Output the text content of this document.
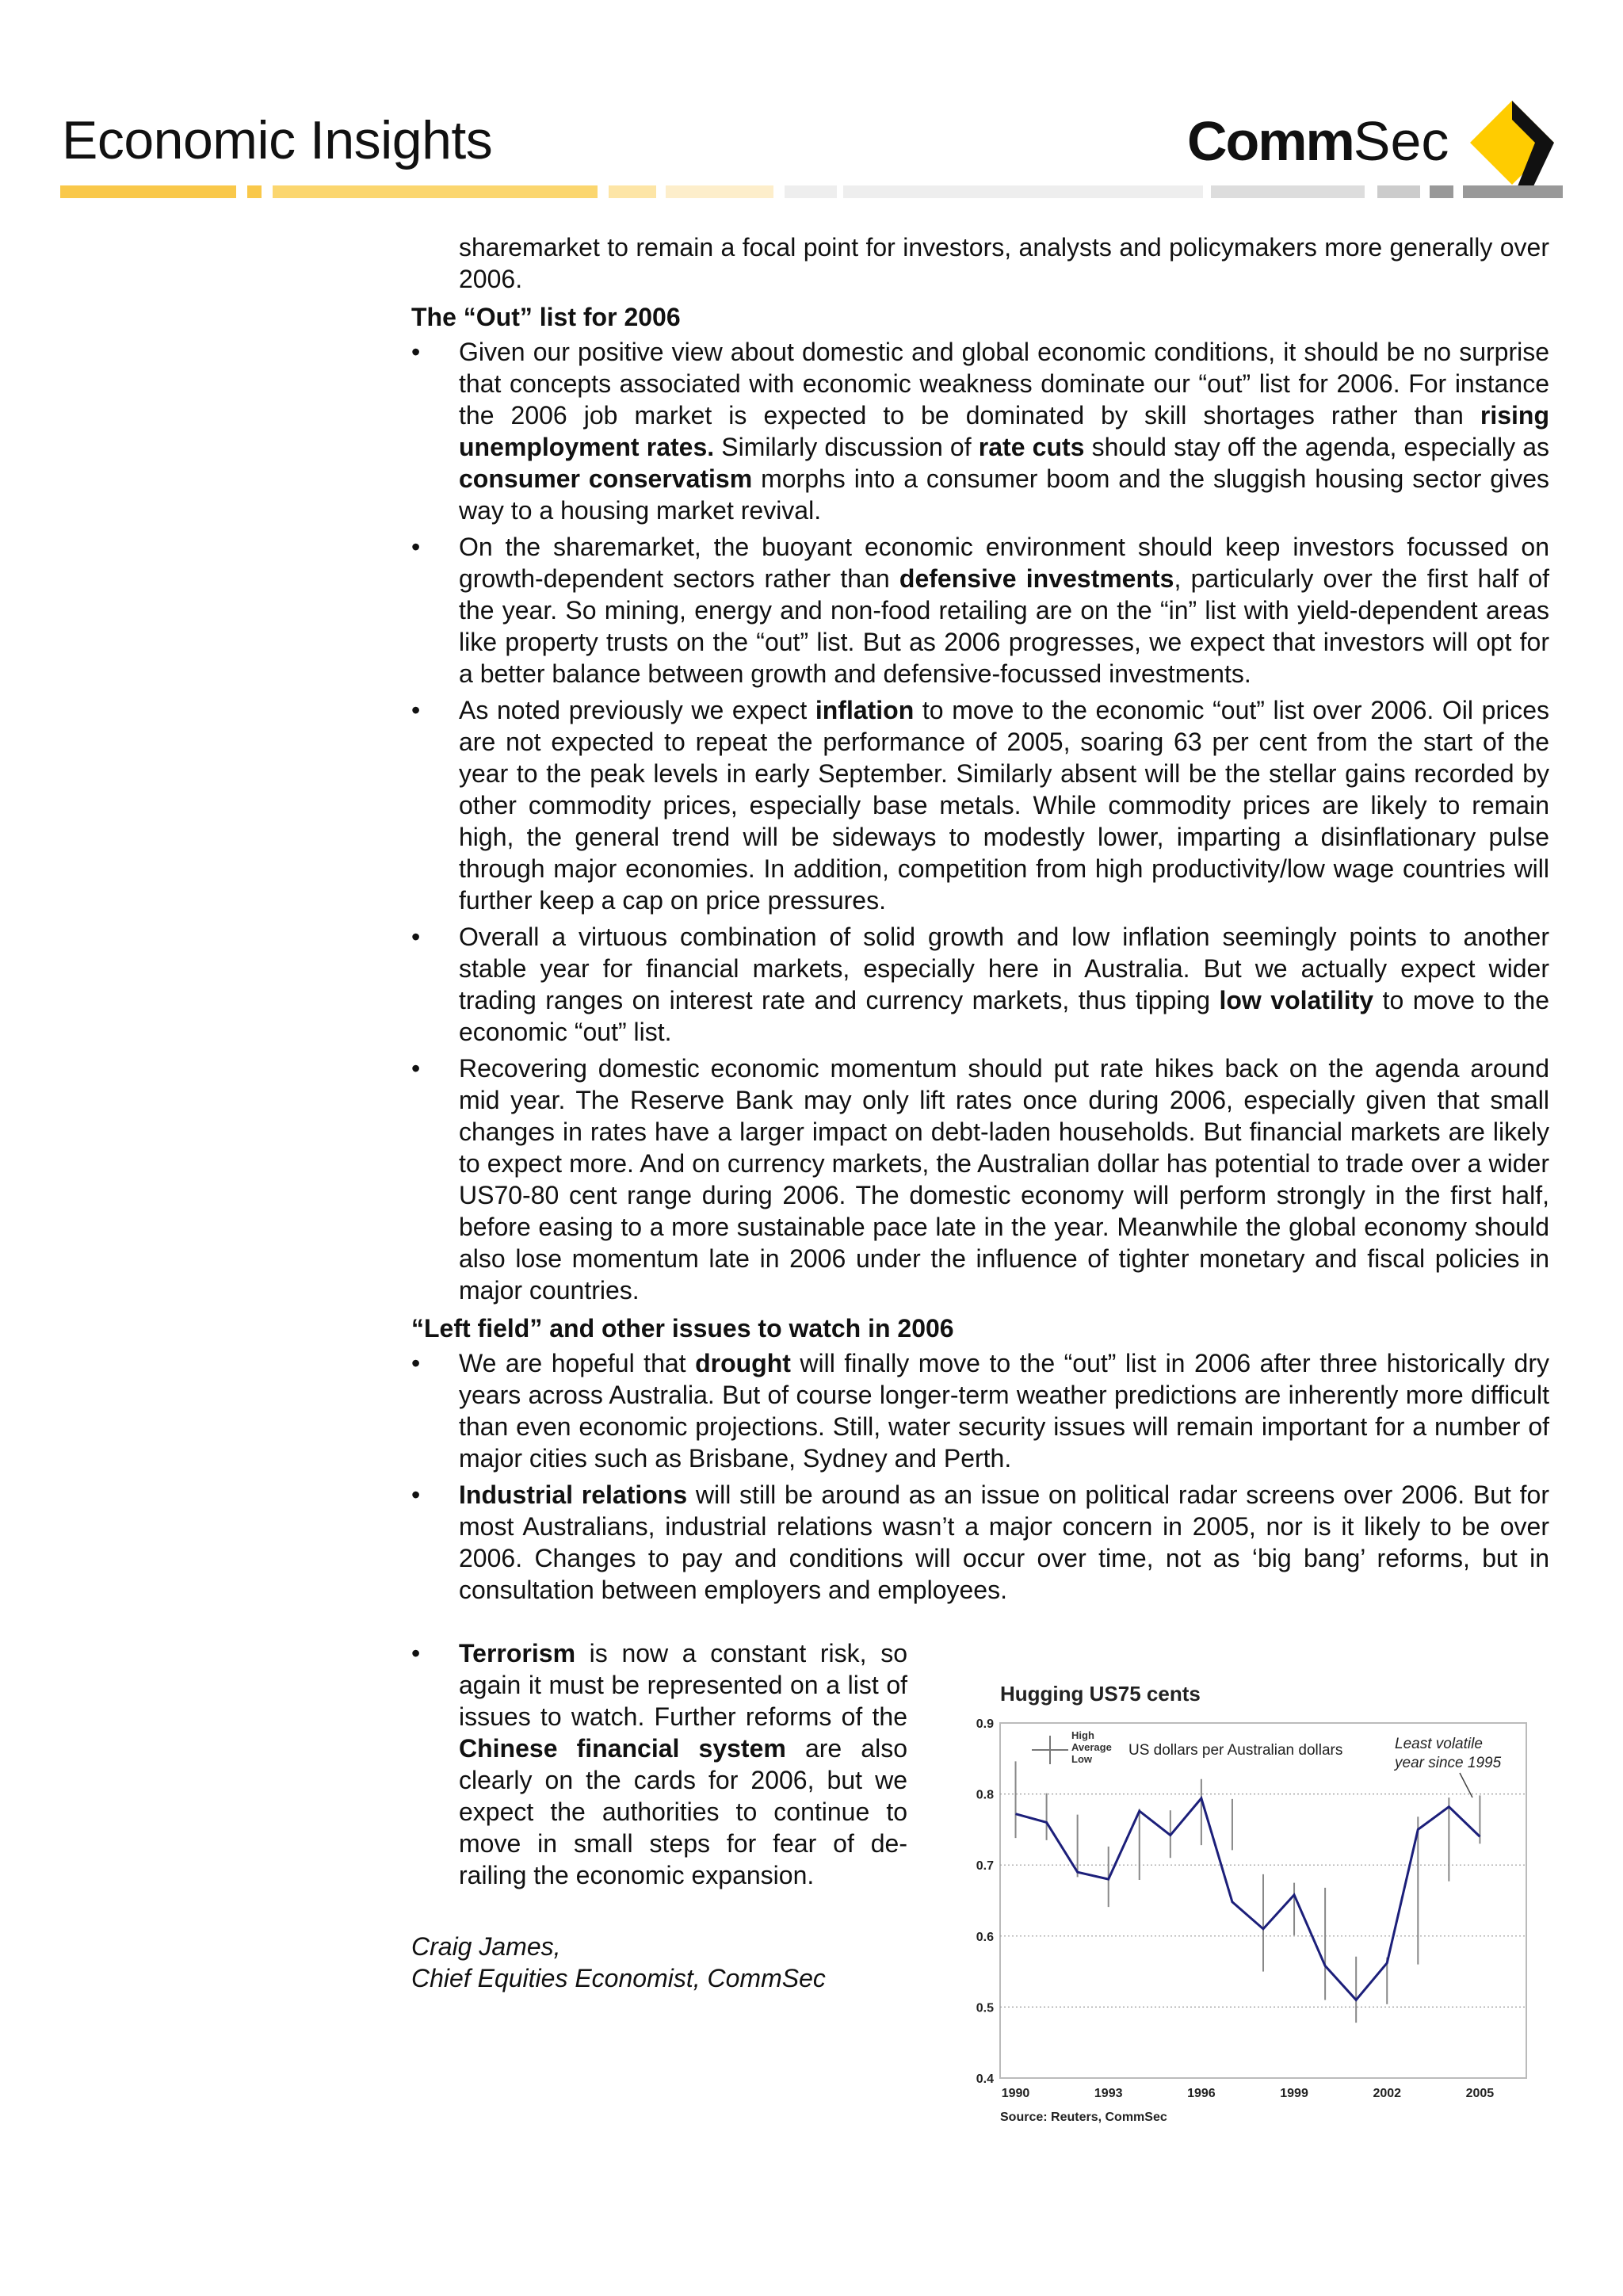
Economic Insights	CommSec

sharemarket to remain a focal point for investors, analysts and policymakers more generally over 2006.

The “Out” list for 2006

•	Given our positive view about domestic and global economic conditions, it should be no surprise that concepts associated with economic weakness dominate our “out” list for 2006. For instance the 2006 job market is expected to be dominated by skill shortages rather than rising unemployment rates. Similarly discussion of rate cuts should stay off the agenda, especially as consumer conservatism morphs into a consumer boom and the sluggish housing sector gives way to a housing market revival.

•	On the sharemarket, the buoyant economic environment should keep investors focussed on growth-dependent sectors rather than defensive investments, particularly over the first half of the year. So mining, energy and non-food retailing are on the “in” list with yield-dependent areas like property trusts on the “out” list. But as 2006 progresses, we expect that investors will opt for a better balance between growth and defensive-focussed investments.

•	As noted previously we expect inflation to move to the economic “out” list over 2006. Oil prices are not expected to repeat the performance of 2005, soaring 63 per cent from the start of the year to the peak levels in early September. Similarly absent will be the stellar gains recorded by other commodity prices, especially base metals. While commodity prices are likely to remain high, the general trend will be sideways to modestly lower, imparting a disinflationary pulse through major economies. In addition, competition from high productivity/low wage countries will further keep a cap on price pressures.

•	Overall a virtuous combination of solid growth and low inflation seemingly points to another stable year for financial markets, especially here in Australia. But we actually expect wider trading ranges on interest rate and currency markets, thus tipping low volatility to move to the economic “out” list.

•	Recovering domestic economic momentum should put rate hikes back on the agenda around mid year. The Reserve Bank may only lift rates once during 2006, especially given that small changes in rates have a larger impact on debt-laden households. But financial markets are likely to expect more. And on currency markets, the Australian dollar has potential to trade over a wider US70-80 cent range during 2006. The domestic economy will perform strongly in the first half, before easing to a more sustainable pace late in the year. Meanwhile the global economy should also lose momentum late in 2006 under the influence of tighter monetary and fiscal policies in major countries.

“Left field” and other issues to watch in 2006

•	We are hopeful that drought will finally move to the “out” list in 2006 after three historically dry years across Australia. But of course longer-term weather predictions are inherently more difficult than even economic projections. Still, water security issues will remain important for a number of major cities such as Brisbane, Sydney and Perth.

•	Industrial relations will still be around as an issue on political radar screens over 2006. But for most Australians, industrial relations wasn’t a major concern in 2005, nor is it likely to be over 2006. Changes to pay and conditions will occur over time, not as ‘big bang’ reforms, but in consultation between employers and employees.

•	Terrorism is now a constant risk, so again it must be represented on a list of issues to watch. Further reforms of the Chinese financial system are also clearly on the cards for 2006, but we expect the authorities to continue to move in small steps for fear of de-railing the economic expansion.

Craig James,

Chief Equities Economist, CommSec

Hugging US75 cents
0.4
0.5
0.6
0.7
0.8
0.9
1990	1993	1996	1999	2002	2005
High
Average
Low
US dollars per Australian dollars	Least volatile
year since 1995
Source: Reuters, CommSec
